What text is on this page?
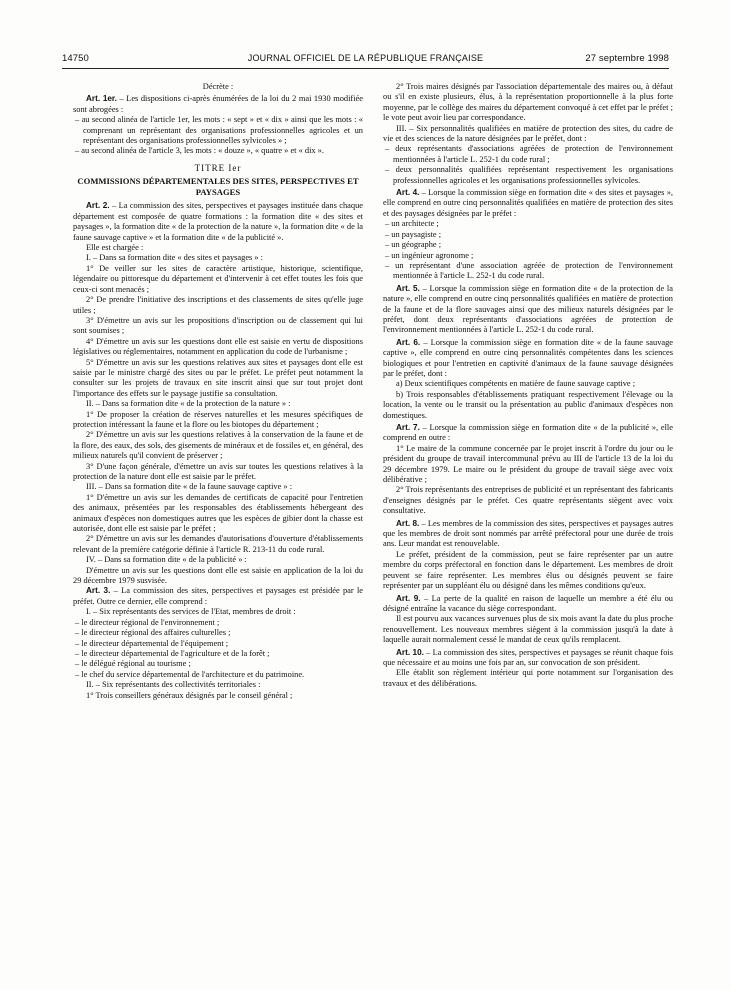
14750	JOURNAL OFFICIEL DE LA RÉPUBLIQUE FRANÇAISE	27 septembre 1998

Décrète :

Art. 1er. – Les dispositions ci-après énumérées de la loi du 2 mai 1930 modifiée sont abrogées :

– au second alinéa de l'article 1er, les mots : « sept » et « dix » ainsi que les mots : « comprenant un représentant des organisations professionnelles agricoles et un représentant des organisations professionnelles sylvicoles » ;

– au second alinéa de l'article 3, les mots : « douze », « quatre » et « dix ».

TITRE Ier

COMMISSIONS DÉPARTEMENTALES DES SITES, PERSPECTIVES ET PAYSAGES

Art. 2. – La commission des sites, perspectives et paysages instituée dans chaque département est composée de quatre formations : la formation dite « des sites et paysages », la formation dite « de la protection de la nature », la formation dite « de la faune sauvage captive » et la formation dite « de la publicité ».

Elle est chargée :

I. – Dans sa formation dite « des sites et paysages » :

1° De veiller sur les sites de caractère artistique, historique, scientifique, légendaire ou pittoresque du département et d'intervenir à cet effet toutes les fois que ceux-ci sont menacés ;

2° De prendre l'initiative des inscriptions et des classements de sites qu'elle juge utiles ;

3° D'émettre un avis sur les propositions d'inscription ou de classement qui lui sont soumises ;

4° D'émettre un avis sur les questions dont elle est saisie en vertu de dispositions législatives ou réglementaires, notamment en application du code de l'urbanisme ;

5° D'émettre un avis sur les questions relatives aux sites et paysages dont elle est saisie par le ministre chargé des sites ou par le préfet. Le préfet peut notamment la consulter sur les projets de travaux en site inscrit ainsi que sur tout projet dont l'importance des effets sur le paysage justifie sa consultation.

II. – Dans sa formation dite « de la protection de la nature » :

1° De proposer la création de réserves naturelles et les mesures spécifiques de protection intéressant la faune et la flore ou les biotopes du département ;

2° D'émettre un avis sur les questions relatives à la conservation de la faune et de la flore, des eaux, des sols, des gisements de minéraux et de fossiles et, en général, des milieux naturels qu'il convient de préserver ;

3° D'une façon générale, d'émettre un avis sur toutes les questions relatives à la protection de la nature dont elle est saisie par le préfet.

III. – Dans sa formation dite « de la faune sauvage captive » :

1° D'émettre un avis sur les demandes de certificats de capacité pour l'entretien des animaux, présentées par les responsables des établissements hébergeant des animaux d'espèces non domestiques autres que les espèces de gibier dont la chasse est autorisée, dont elle est saisie par le préfet ;

2° D'émettre un avis sur les demandes d'autorisations d'ouverture d'établissements relevant de la première catégorie définie à l'article R. 213-11 du code rural.

IV. – Dans sa formation dite « de la publicité » :

D'émettre un avis sur les questions dont elle est saisie en application de la loi du 29 décembre 1979 susvisée.

Art. 3. – La commission des sites, perspectives et paysages est présidée par le préfet. Outre ce dernier, elle comprend :

I. – Six représentants des services de l'Etat, membres de droit :

– le directeur régional de l'environnement ;

– le directeur régional des affaires culturelles ;

– le directeur départemental de l'équipement ;

– le directeur départemental de l'agriculture et de la forêt ;

– le délégué régional au tourisme ;

– le chef du service départemental de l'architecture et du patrimoine.

II. – Six représentants des collectivités territoriales :

1° Trois conseillers généraux désignés par le conseil général ;

2° Trois maires désignés par l'association départementale des maires ou, à défaut ou s'il en existe plusieurs, élus, à la représentation proportionnelle à la plus forte moyenne, par le collège des maires du département convoqué à cet effet par le préfet ; le vote peut avoir lieu par correspondance.

III. – Six personnalités qualifiées en matière de protection des sites, du cadre de vie et des sciences de la nature désignées par le préfet, dont :

– deux représentants d'associations agréées de protection de l'environnement mentionnées à l'article L. 252-1 du code rural ;

– deux personnalités qualifiées représentant respectivement les organisations professionnelles agricoles et les organisations professionnelles sylvicoles.

Art. 4. – Lorsque la commission siège en formation dite « des sites et paysages », elle comprend en outre cinq personnalités qualifiées en matière de protection des sites et des paysages désignées par le préfet :

– un architecte ;

– un paysagiste ;

– un géographe ;

– un ingénieur agronome ;

– un représentant d'une association agréée de protection de l'environnement mentionnée à l'article L. 252-1 du code rural.

Art. 5. – Lorsque la commission siège en formation dite « de la protection de la nature », elle comprend en outre cinq personnalités qualifiées en matière de protection de la faune et de la flore sauvages ainsi que des milieux naturels désignées par le préfet, dont deux représentants d'associations agréées de protection de l'environnement mentionnées à l'article L. 252-1 du code rural.

Art. 6. – Lorsque la commission siège en formation dite « de la faune sauvage captive », elle comprend en outre cinq personnalités compétentes dans les sciences biologiques et pour l'entretien en captivité d'animaux de la faune sauvage désignées par le préfet, dont :

a) Deux scientifiques compétents en matière de faune sauvage captive ;

b) Trois responsables d'établissements pratiquant respectivement l'élevage ou la location, la vente ou le transit ou la présentation au public d'animaux d'espèces non domestiques.

Art. 7. – Lorsque la commission siège en formation dite « de la publicité », elle comprend en outre :

1° Le maire de la commune concernée par le projet inscrit à l'ordre du jour ou le président du groupe de travail intercommunal prévu au III de l'article 13 de la loi du 29 décembre 1979. Le maire ou le président du groupe de travail siège avec voix délibérative ;

2° Trois représentants des entreprises de publicité et un représentant des fabricants d'enseignes désignés par le préfet. Ces quatre représentants siègent avec voix consultative.

Art. 8. – Les membres de la commission des sites, perspectives et paysages autres que les membres de droit sont nommés par arrêté préfectoral pour une durée de trois ans. Leur mandat est renouvelable.

Le préfet, président de la commission, peut se faire représenter par un autre membre du corps préfectoral en fonction dans le département. Les membres de droit peuvent se faire représenter. Les membres élus ou désignés peuvent se faire représenter par un suppléant élu ou désigné dans les mêmes conditions qu'eux.

Art. 9. – La perte de la qualité en raison de laquelle un membre a été élu ou désigné entraîne la vacance du siège correspondant.

Il est pourvu aux vacances survenues plus de six mois avant la date du plus proche renouvellement. Les nouveaux membres siègent à la commission jusqu'à la date à laquelle aurait normalement cessé le mandat de ceux qu'ils remplacent.

Art. 10. – La commission des sites, perspectives et paysages se réunit chaque fois que nécessaire et au moins une fois par an, sur convocation de son président.

Elle établit son règlement intérieur qui porte notamment sur l'organisation des travaux et des délibérations.
